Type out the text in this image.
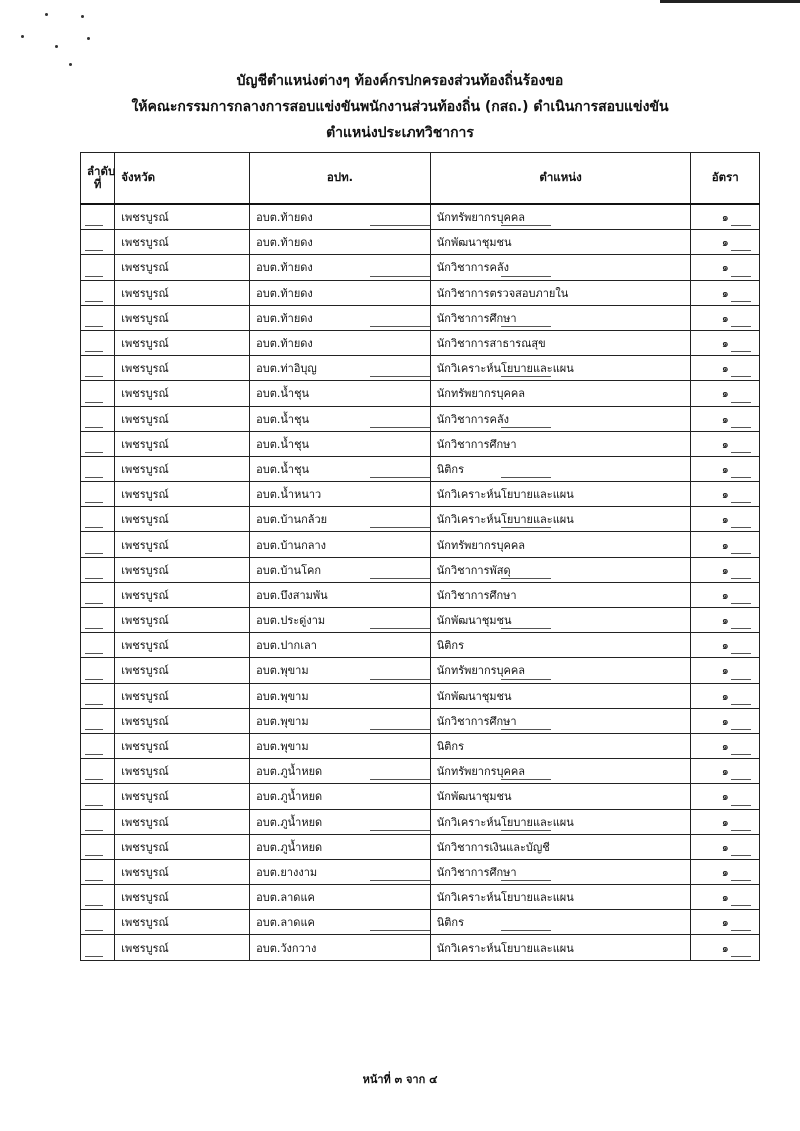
บัญชีตำแหน่งต่างๆ ท้องค์กรปกครองส่วนท้องถิ่นร้องขอ
ให้คณะกรรมการกลางการสอบแข่งขันพนักงานส่วนท้องถิ่น (กสถ.) ดำเนินการสอบแข่งขัน
ตำแหน่งประเภทวิชาการ
ลำดับที่	จังหวัด	อปท.	ตำแหน่ง	อัตรา

	เพชรบูรณ์	อบต.ท้ายดง	นักทรัพยากรบุคคล	๑

	เพชรบูรณ์	อบต.ท้ายดง	นักพัฒนาชุมชน	๑

	เพชรบูรณ์	อบต.ท้ายดง	นักวิชาการคลัง	๑

	เพชรบูรณ์	อบต.ท้ายดง	นักวิชาการตรวจสอบภายใน	๑

	เพชรบูรณ์	อบต.ท้ายดง	นักวิชาการศึกษา	๑

	เพชรบูรณ์	อบต.ท้ายดง	นักวิชาการสาธารณสุข	๑

	เพชรบูรณ์	อบต.ท่าอิบุญ	นักวิเคราะห์นโยบายและแผน	๑

	เพชรบูรณ์	อบต.น้ำชุน	นักทรัพยากรบุคคล	๑

	เพชรบูรณ์	อบต.น้ำชุน	นักวิชาการคลัง	๑

	เพชรบูรณ์	อบต.น้ำชุน	นักวิชาการศึกษา	๑

	เพชรบูรณ์	อบต.น้ำชุน	นิติกร	๑

	เพชรบูรณ์	อบต.น้ำหนาว	นักวิเคราะห์นโยบายและแผน	๑

	เพชรบูรณ์	อบต.บ้านกล้วย	นักวิเคราะห์นโยบายและแผน	๑

	เพชรบูรณ์	อบต.บ้านกลาง	นักทรัพยากรบุคคล	๑

	เพชรบูรณ์	อบต.บ้านโคก	นักวิชาการพัสดุ	๑

	เพชรบูรณ์	อบต.บึงสามพัน	นักวิชาการศึกษา	๑

	เพชรบูรณ์	อบต.ประดู่งาม	นักพัฒนาชุมชน	๑

	เพชรบูรณ์	อบต.ปากเลา	นิติกร	๑

	เพชรบูรณ์	อบต.พุขาม	นักทรัพยากรบุคคล	๑

	เพชรบูรณ์	อบต.พุขาม	นักพัฒนาชุมชน	๑

	เพชรบูรณ์	อบต.พุขาม	นักวิชาการศึกษา	๑

	เพชรบูรณ์	อบต.พุขาม	นิติกร	๑

	เพชรบูรณ์	อบต.ภูน้ำหยด	นักทรัพยากรบุคคล	๑

	เพชรบูรณ์	อบต.ภูน้ำหยด	นักพัฒนาชุมชน	๑

	เพชรบูรณ์	อบต.ภูน้ำหยด	นักวิเคราะห์นโยบายและแผน	๑

	เพชรบูรณ์	อบต.ภูน้ำหยด	นักวิชาการเงินและบัญชี	๑

	เพชรบูรณ์	อบต.ยางงาม	นักวิชาการศึกษา	๑

	เพชรบูรณ์	อบต.ลาดแค	นักวิเคราะห์นโยบายและแผน	๑

	เพชรบูรณ์	อบต.ลาดแค	นิติกร	๑

	เพชรบูรณ์	อบต.วังกวาง	นักวิเคราะห์นโยบายและแผน	๑
หน้าที่ ๓ จาก ๔
